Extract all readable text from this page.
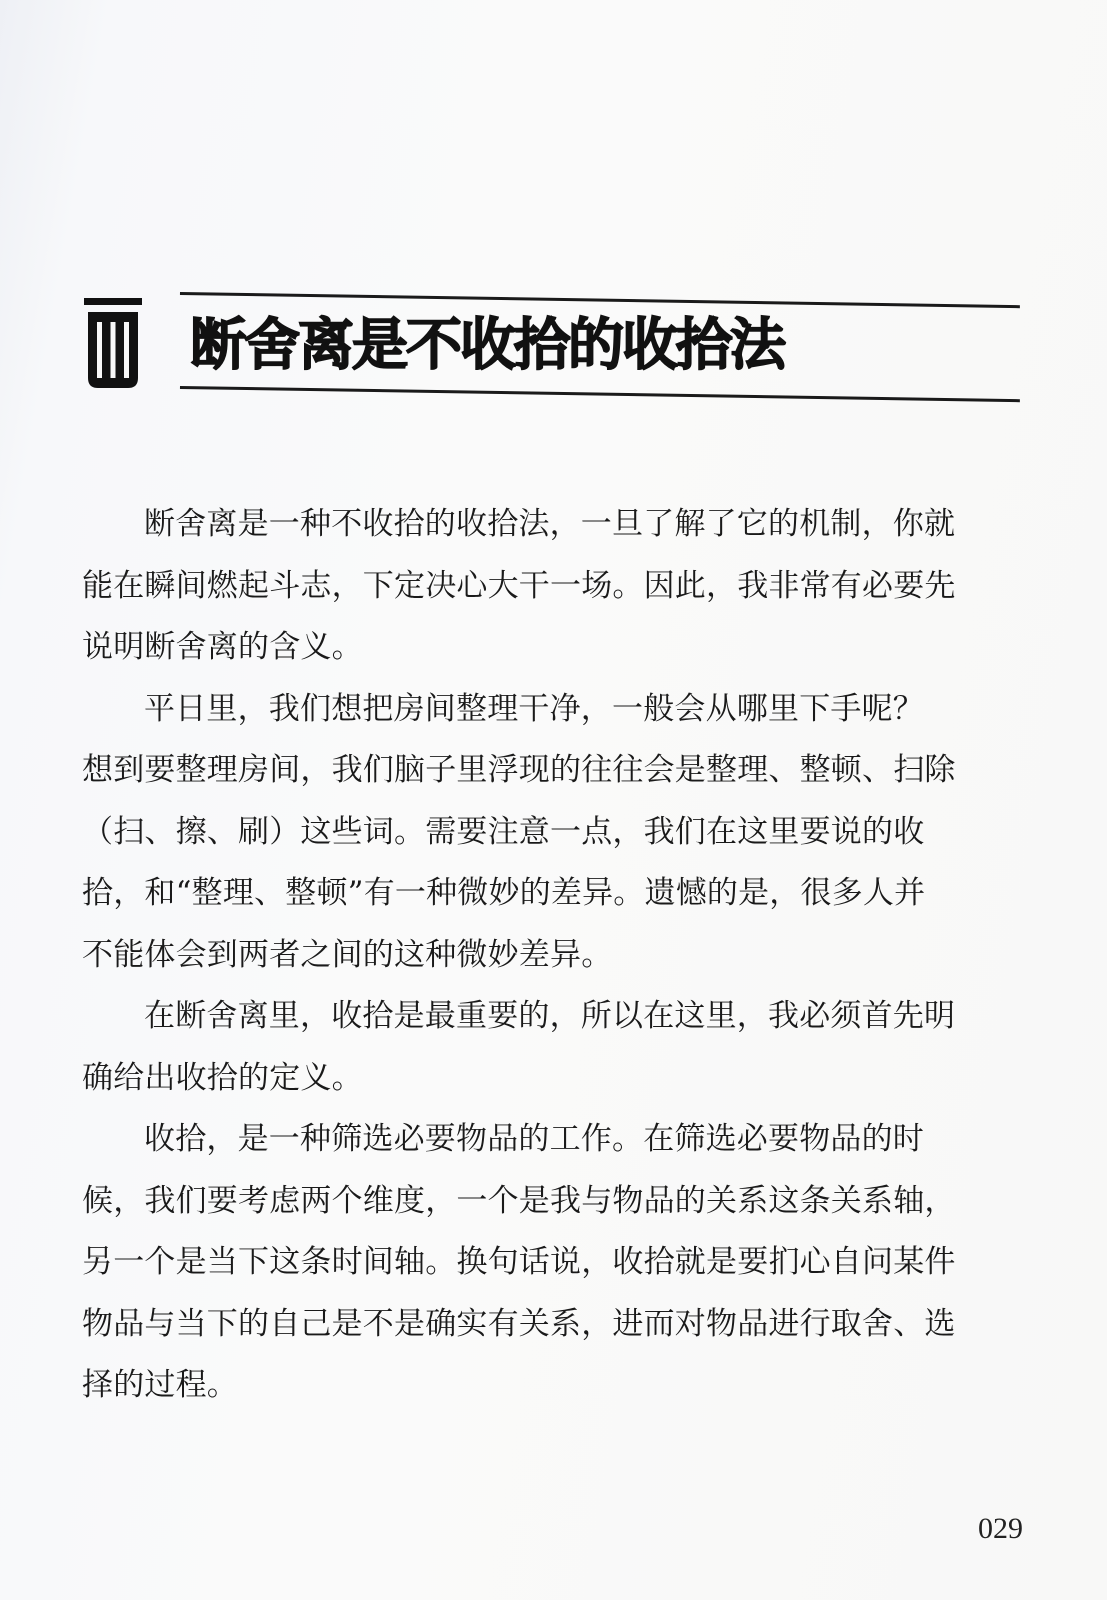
断舍离是不收拾的收拾法

断舍离是一种不收拾的收拾法，一旦了解了它的机制，你就
能在瞬间燃起斗志，下定决心大干一场。因此，我非常有必要先
说明断舍离的含义。

平日里，我们想把房间整理干净，一般会从哪里下手呢？
想到要整理房间，我们脑子里浮现的往往会是整理、整顿、扫除
（扫、擦、刷）这些词。需要注意一点，我们在这里要说的收
拾，和“整理、整顿”有一种微妙的差异。遗憾的是，很多人并
不能体会到两者之间的这种微妙差异。

在断舍离里，收拾是最重要的，所以在这里，我必须首先明
确给出收拾的定义。

收拾，是一种筛选必要物品的工作。在筛选必要物品的时
候，我们要考虑两个维度，一个是我与物品的关系这条关系轴，
另一个是当下这条时间轴。换句话说，收拾就是要扪心自问某件
物品与当下的自己是不是确实有关系，进而对物品进行取舍、选
择的过程。

029
